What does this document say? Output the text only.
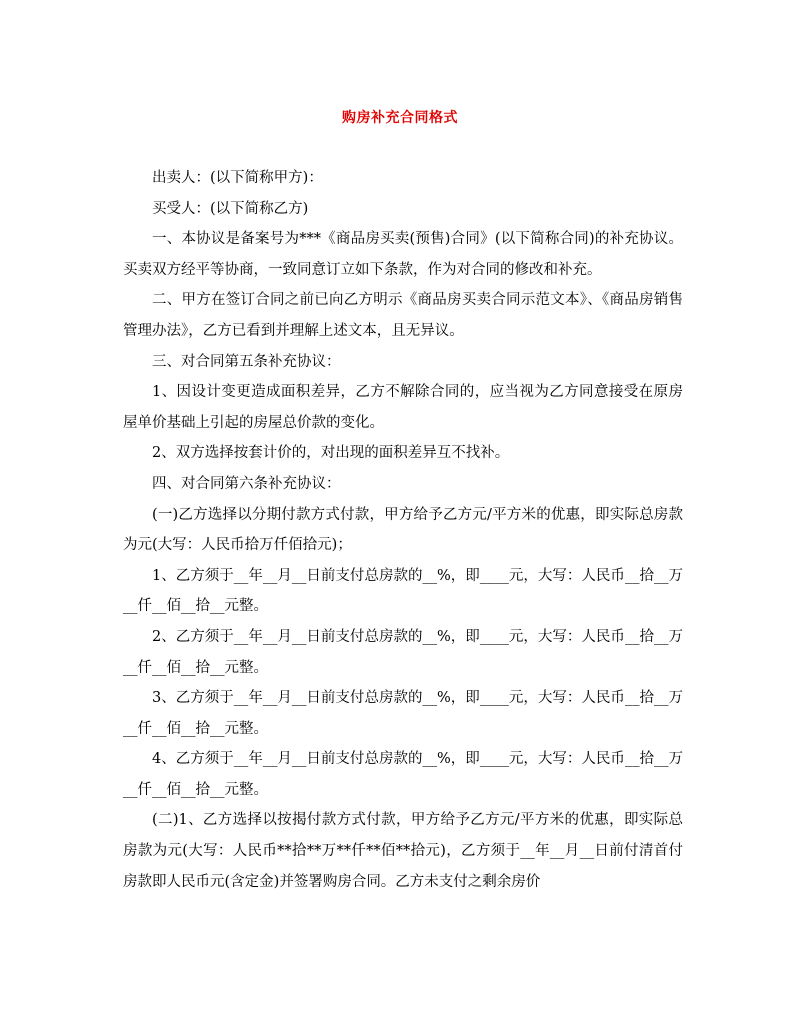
购房补充合同格式

出卖人：(以下简称甲方)：

买受人：(以下简称乙方)

一、本协议是备案号为***《商品房买卖(预售)合同》(以下简称合同)的补充协议。买卖双方经平等协商，一致同意订立如下条款，作为对合同的修改和补充。

二、甲方在签订合同之前已向乙方明示《商品房买卖合同示范文本》、《商品房销售管理办法》，乙方已看到并理解上述文本，且无异议。

三、对合同第五条补充协议：

1、因设计变更造成面积差异，乙方不解除合同的，应当视为乙方同意接受在原房屋单价基础上引起的房屋总价款的变化。

2、双方选择按套计价的，对出现的面积差异互不找补。

四、对合同第六条补充协议：

(一)乙方选择以分期付款方式付款，甲方给予乙方元/平方米的优惠，即实际总房款为元(大写：人民币拾万仟佰拾元)；

1、乙方须于__年__月__日前支付总房款的__%，即____元，大写：人民币__拾__万__仟__佰__拾__元整。

2、乙方须于__年__月__日前支付总房款的__%，即____元，大写：人民币__拾__万__仟__佰__拾__元整。

3、乙方须于__年__月__日前支付总房款的__%，即____元，大写：人民币__拾__万__仟__佰__拾__元整。

4、乙方须于__年__月__日前支付总房款的__%，即____元，大写：人民币__拾__万__仟__佰__拾__元整。

(二)1、乙方选择以按揭付款方式付款，甲方给予乙方元/平方米的优惠，即实际总房款为元(大写：人民币**拾**万**仟**佰**拾元)，乙方须于__年__月__日前付清首付房款即人民币元(含定金)并签署购房合同。乙方未支付之剩余房价
